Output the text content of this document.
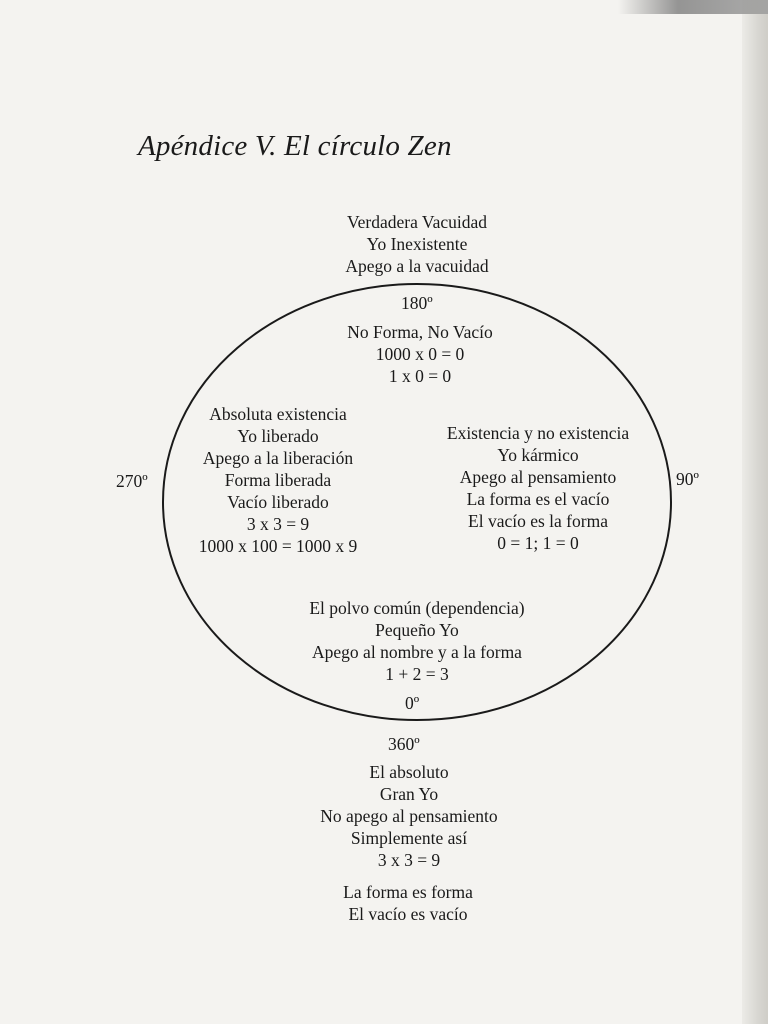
Apéndice V. El círculo Zen
Verdadera Vacuidad
Yo Inexistente
Apego a la vacuidad
180º
90º
270º
0º
360º
No Forma, No Vacío
1000 x 0 = 0
1 x 0 = 0
Absoluta existencia
Yo liberado
Apego a la liberación
Forma liberada
Vacío liberado
3 x 3 = 9
1000 x 100 = 1000 x 9
Existencia y no existencia
Yo kármico
Apego al pensamiento
La forma es el vacío
El vacío es la forma
0 = 1; 1 = 0
El polvo común (dependencia)
Pequeño Yo
Apego al nombre y a la forma
1 + 2 = 3
El absoluto
Gran Yo
No apego al pensamiento
Simplemente así
3 x 3 = 9
La forma es forma
El vacío es vacío
